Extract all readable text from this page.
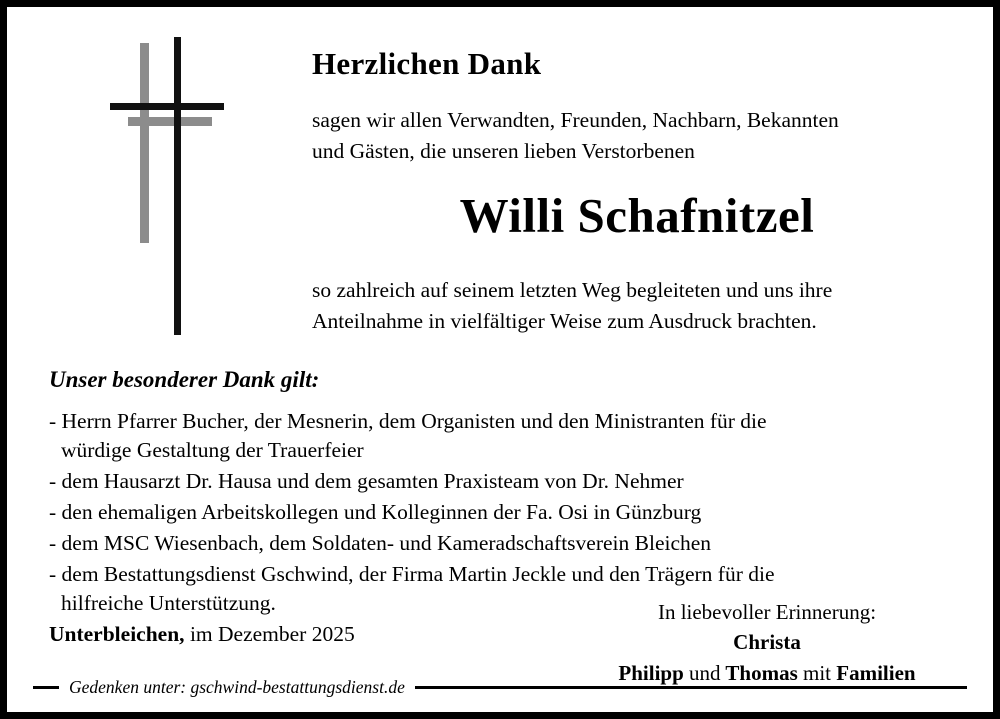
Herzlichen Dank
sagen wir allen Verwandten, Freunden, Nachbarn, Bekannten
und Gästen, die unseren lieben Verstorbenen
Willi Schafnitzel
so zahlreich auf seinem letzten Weg begleiteten und uns ihre
Anteilnahme in vielfältiger Weise zum Ausdruck brachten.
Unser besonderer Dank gilt:
- Herrn Pfarrer Bucher, der Mesnerin, dem Organisten und den Ministranten für die
würdige Gestaltung der Trauerfeier
- dem Hausarzt Dr. Hausa und dem gesamten Praxisteam von Dr. Nehmer
- den ehemaligen Arbeitskollegen und Kolleginnen der Fa. Osi in Günzburg
- dem MSC Wiesenbach, dem Soldaten- und Kameradschaftsverein Bleichen
- dem Bestattungsdienst Gschwind, der Firma Martin Jeckle und den Trägern für die
hilfreiche Unterstützung.
Unterbleichen, im Dezember 2025
In liebevoller Erinnerung:
Christa
Philipp und Thomas mit Familien
Gedenken unter: gschwind-bestattungsdienst.de
